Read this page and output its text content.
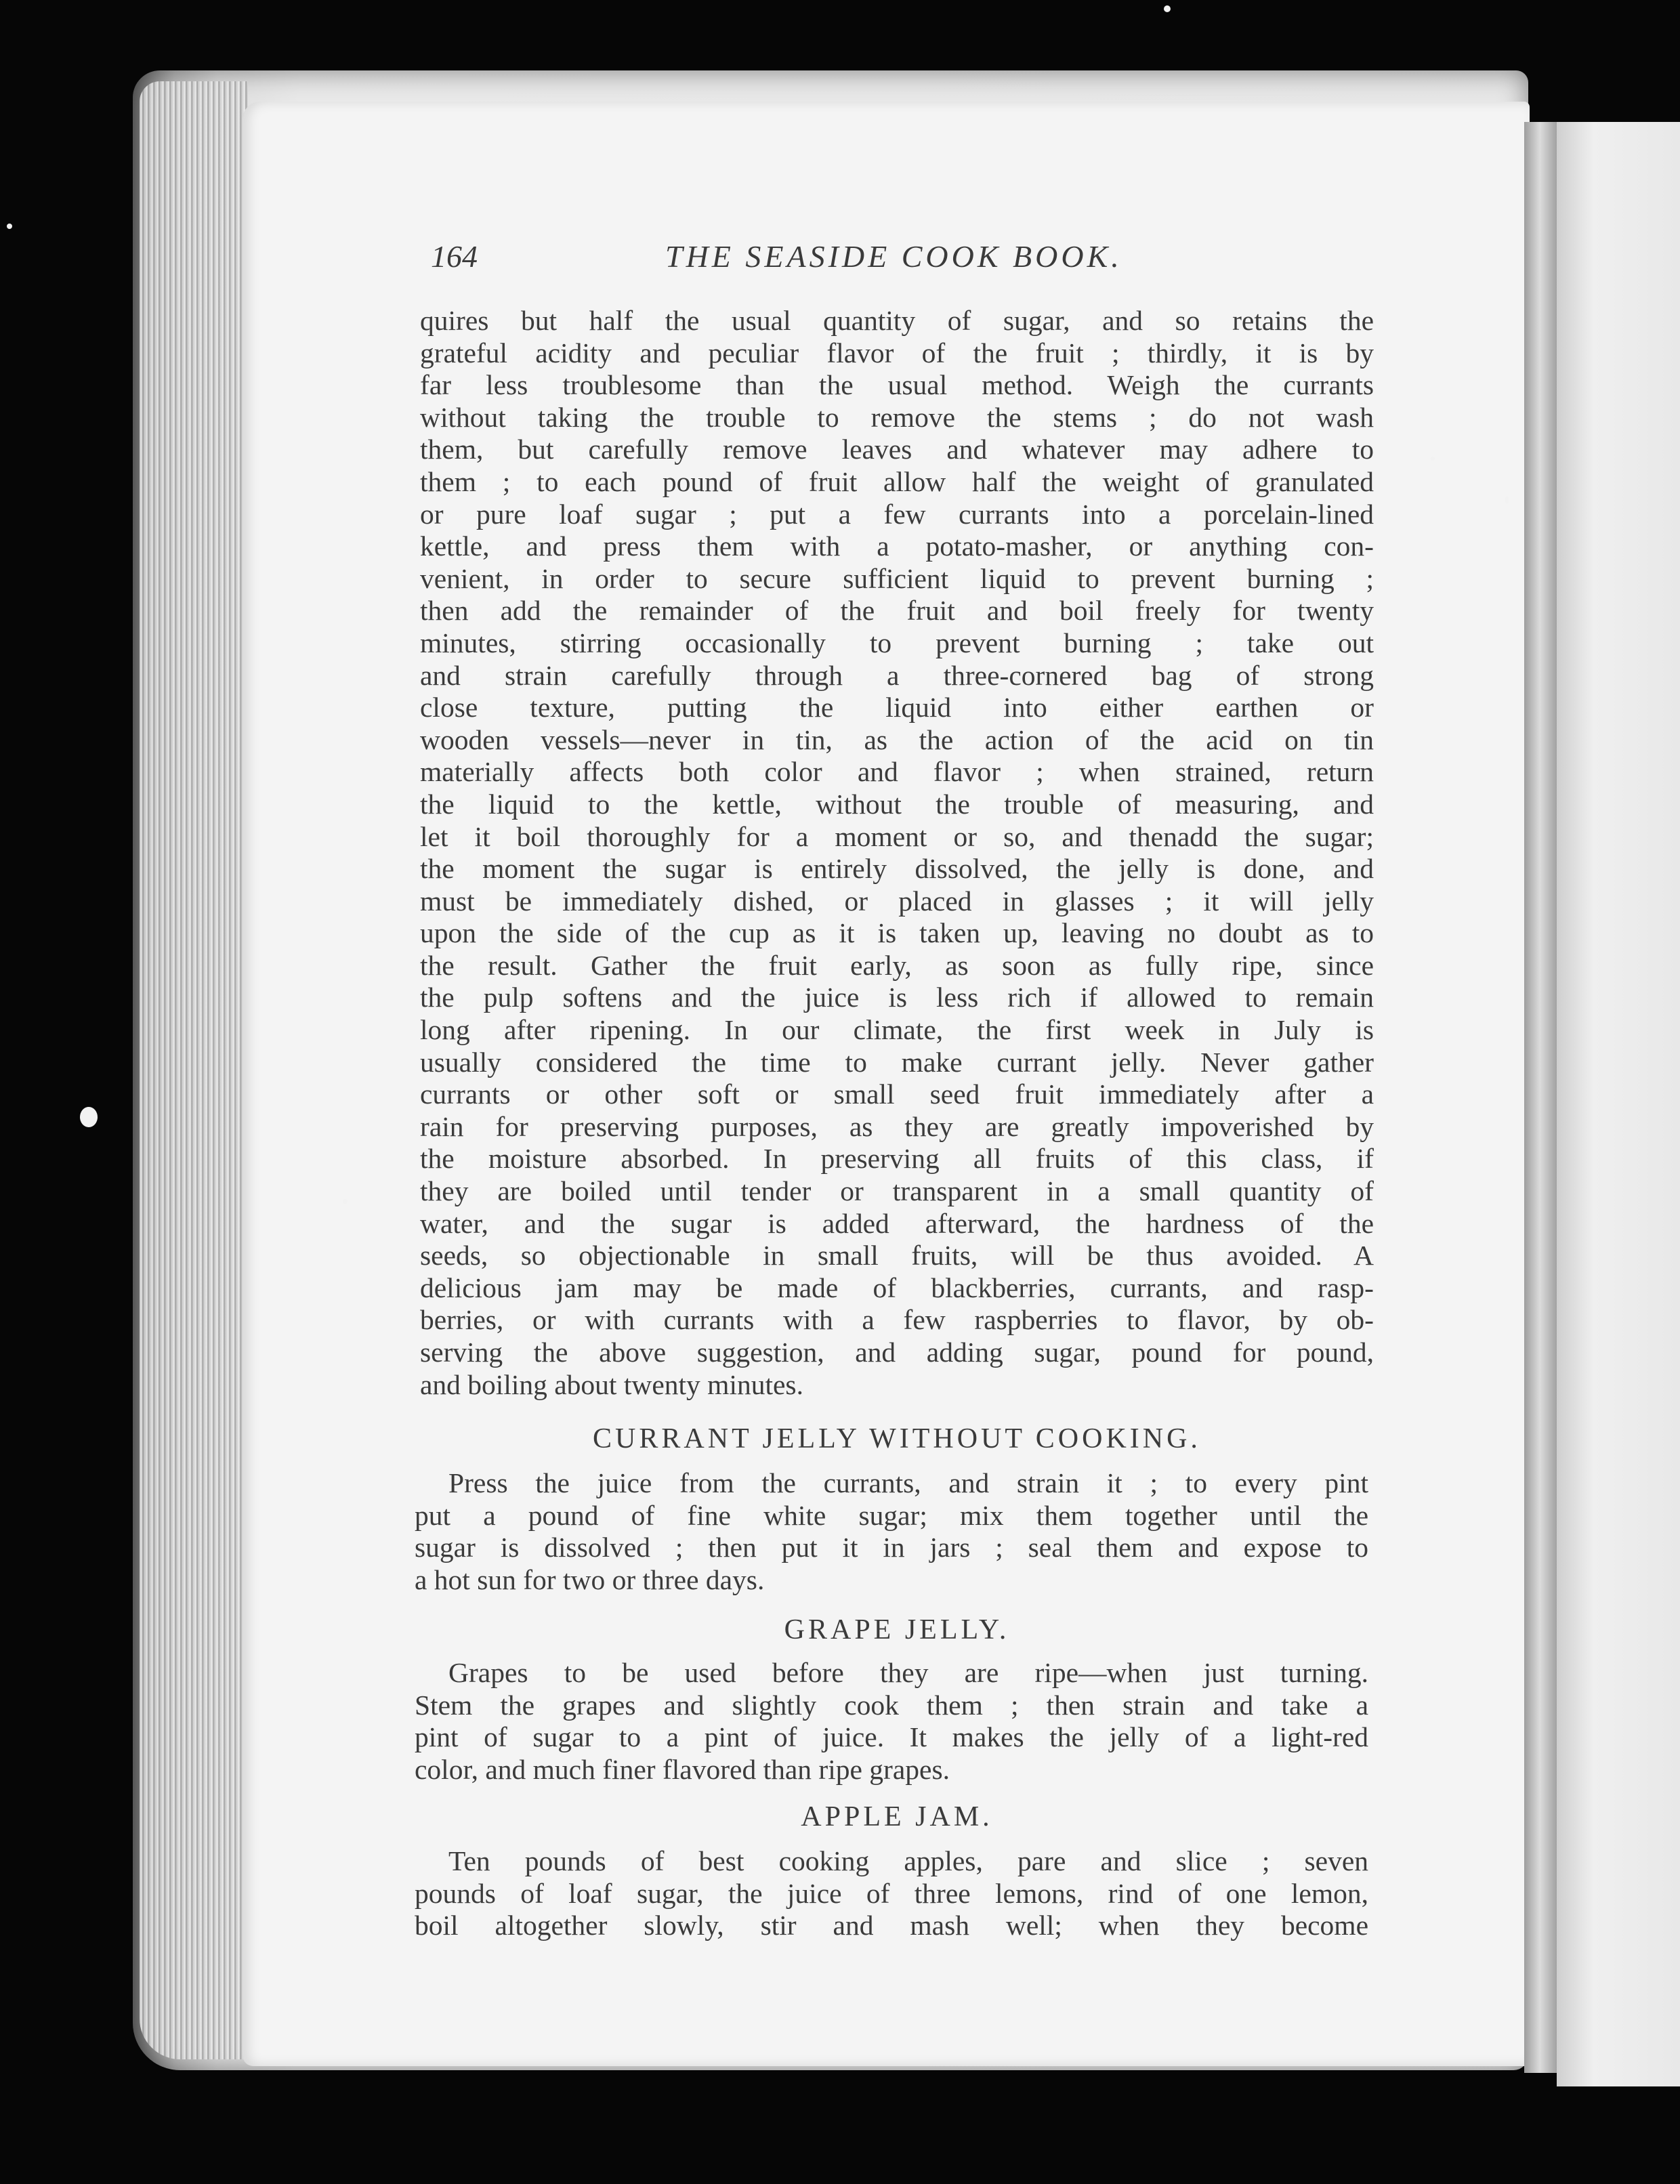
164	THE SEASIDE COOK BOOK.
quires but half the usual quantity of sugar, and so retains the
grateful acidity and peculiar flavor of the fruit ; thirdly, it is by
far less troublesome than the usual method. Weigh the currants
without taking the trouble to remove the stems ; do not wash
them, but carefully remove leaves and whatever may adhere to
them ; to each pound of fruit allow half the weight of granulated
or pure loaf sugar ; put a few currants into a porcelain-lined
kettle, and press them with a potato-masher, or anything con-
venient, in order to secure sufficient liquid to prevent burning ;
then add the remainder of the fruit and boil freely for twenty
minutes, stirring occasionally to prevent burning ; take out
and strain carefully through a three-cornered bag of strong
close texture, putting the liquid into either earthen or
wooden vessels—never in tin, as the action of the acid on tin
materially affects both color and flavor ; when strained, return
the liquid to the kettle, without the trouble of measuring, and
let it boil thoroughly for a moment or so, and thenadd the sugar;
the moment the sugar is entirely dissolved, the jelly is done, and
must be immediately dished, or placed in glasses ; it will jelly
upon the side of the cup as it is taken up, leaving no doubt as to
the result. Gather the fruit early, as soon as fully ripe, since
the pulp softens and the juice is less rich if allowed to remain
long after ripening. In our climate, the first week in July is
usually considered the time to make currant jelly. Never gather
currants or other soft or small seed fruit immediately after a
rain for preserving purposes, as they are greatly impoverished by
the moisture absorbed. In preserving all fruits of this class, if
they are boiled until tender or transparent in a small quantity of
water, and the sugar is added afterward, the hardness of the
seeds, so objectionable in small fruits, will be thus avoided. A
delicious jam may be made of blackberries, currants, and rasp-
berries, or with currants with a few raspberries to flavor, by ob-
serving the above suggestion, and adding sugar, pound for pound,
and boiling about twenty minutes.
CURRANT JELLY WITHOUT COOKING.
Press the juice from the currants, and strain it ; to every pint
put a pound of fine white sugar; mix them together until the
sugar is dissolved ; then put it in jars ; seal them and expose to
a hot sun for two or three days.
GRAPE JELLY.
Grapes to be used before they are ripe—when just turning.
Stem the grapes and slightly cook them ; then strain and take a
pint of sugar to a pint of juice. It makes the jelly of a light-red
color, and much finer flavored than ripe grapes.
APPLE JAM.
Ten pounds of best cooking apples, pare and slice ; seven
pounds of loaf sugar, the juice of three lemons, rind of one lemon,
boil altogether slowly, stir and mash well; when they become
